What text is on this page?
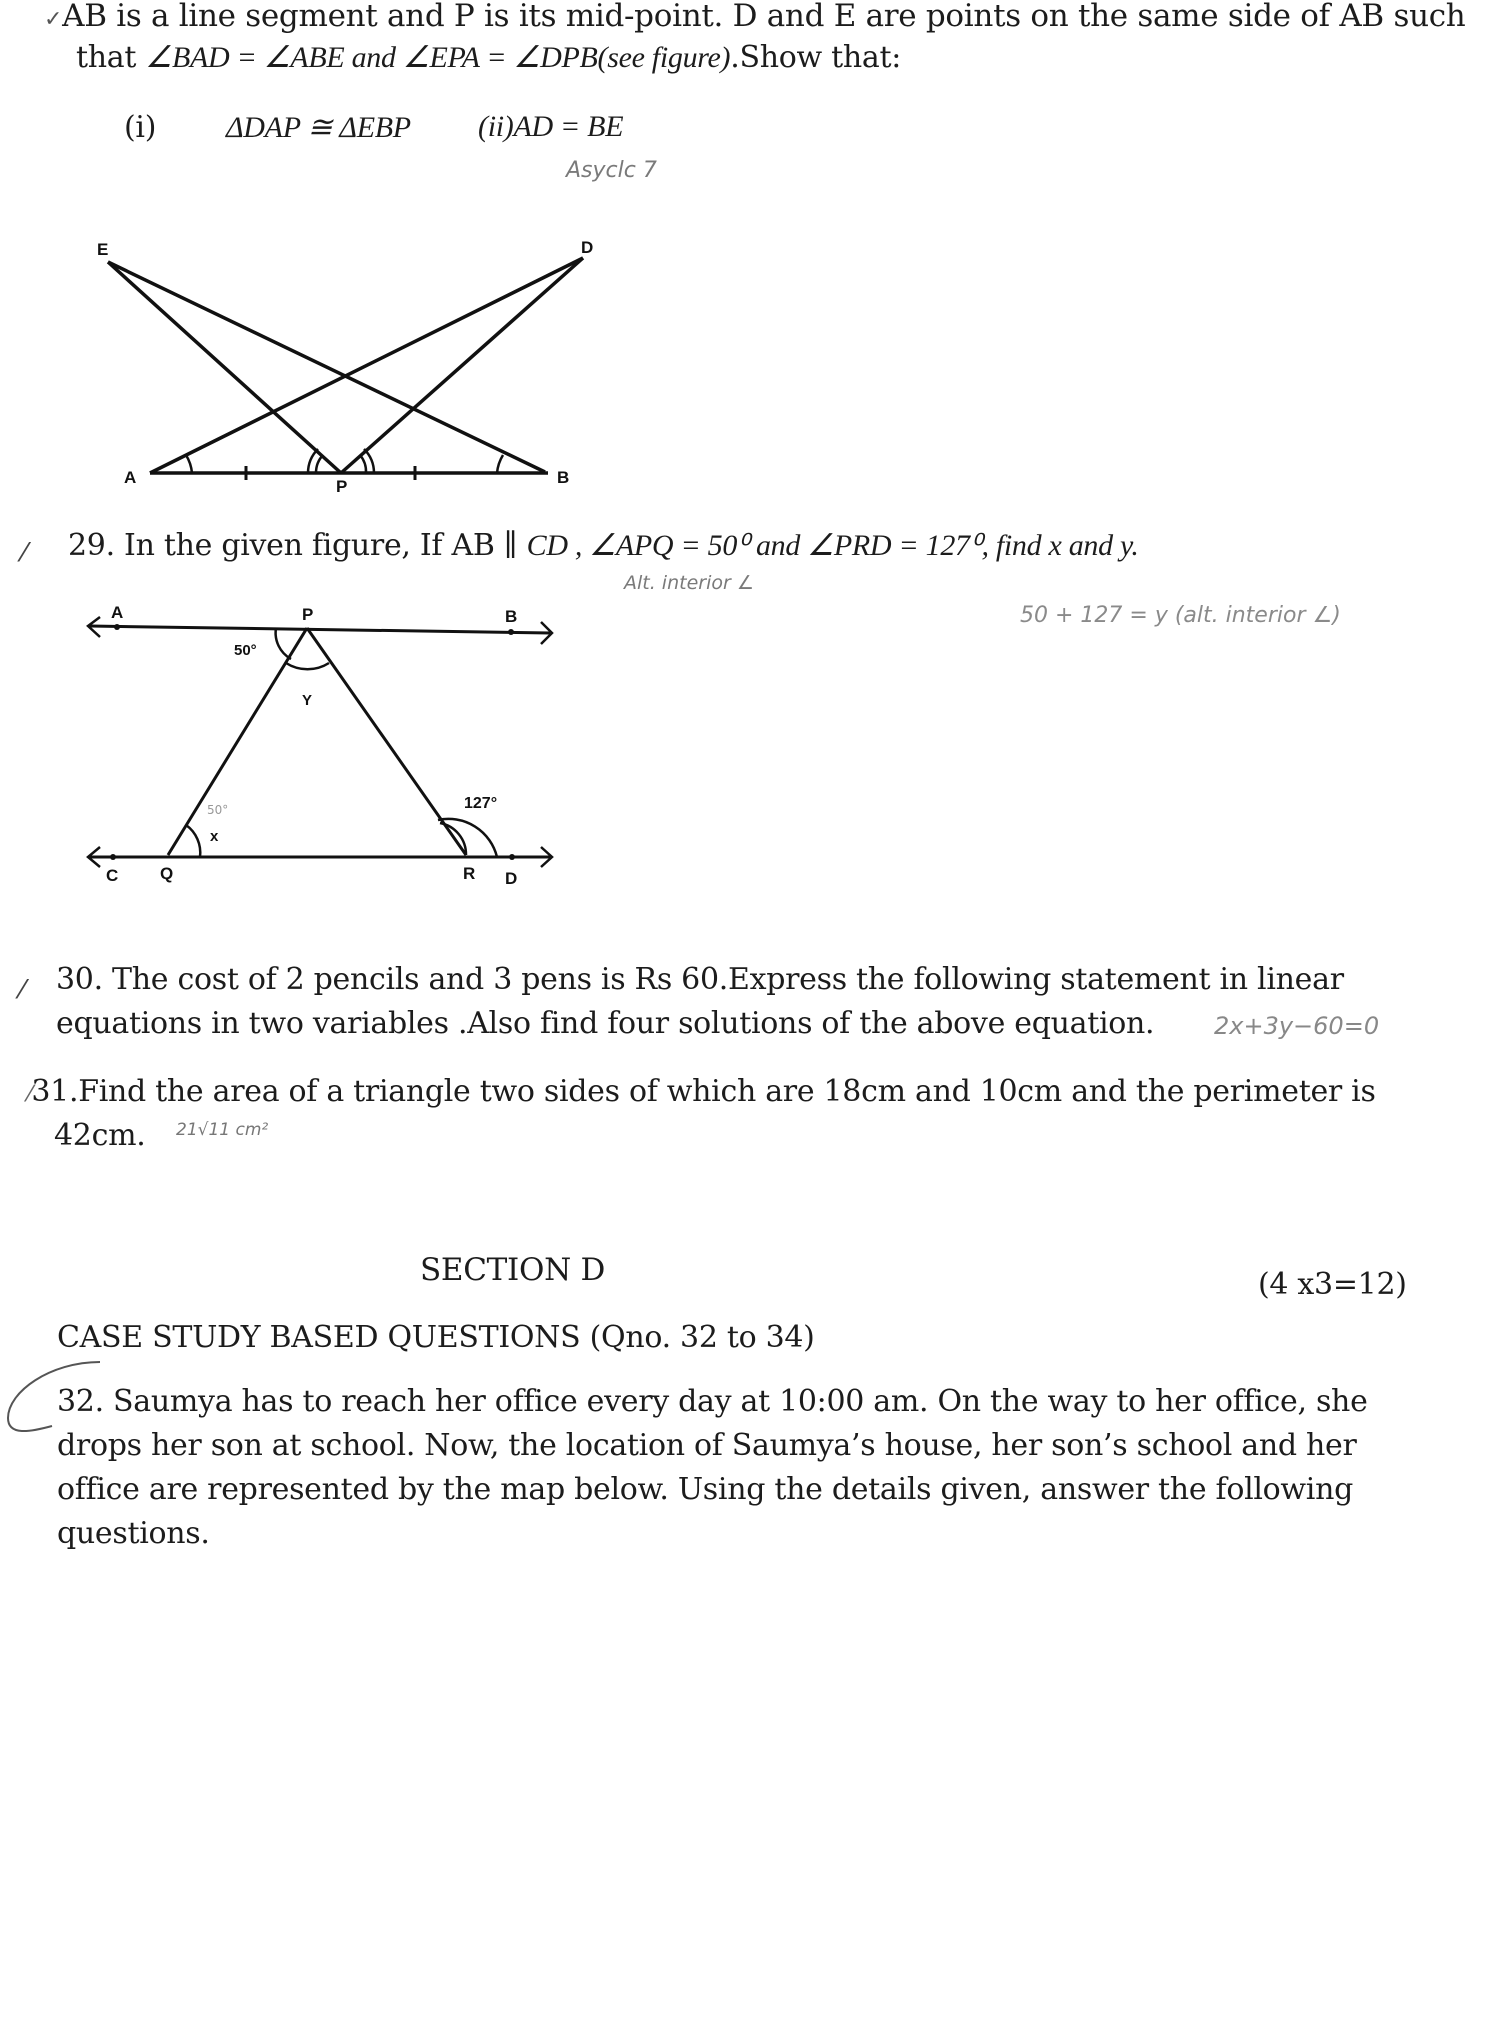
✓AB is a line segment and P is its mid-point. D and E are points on the same side of AB such
that ∠BAD = ∠ABE and ∠EPA = ∠DPB(see figure).Show that:
(i) ΔDAP ≅ ΔEBP (ii)AD = BE
Asyclc 7
E	D
A	P	B
⁄ 29. In the given figure, If AB ∥ CD , ∠APQ = 50⁰ and ∠PRD = 127⁰, find x and y.
Alt. interior ∠
50 + 127 = y (alt. interior ∠)
A	P	B
C Q	R D
50°
Y
x
127°
50°
⁄ 30. The cost of 2 pencils and 3 pens is Rs 60.Express the following statement in linear
equations in two variables .Also find four solutions of the above equation. 2x+3y−60=0
⁄31.Find the area of a triangle two sides of which are 18cm and 10cm and the perimeter is
42cm. 21√11 cm²
SECTION D	(4 x3=12)
CASE STUDY BASED QUESTIONS (Qno. 32 to 34)
32. Saumya has to reach her office every day at 10:00 am. On the way to her office, she
drops her son at school. Now, the location of Saumya’s house, her son’s school and her
office are represented by the map below. Using the details given, answer the following
questions.
